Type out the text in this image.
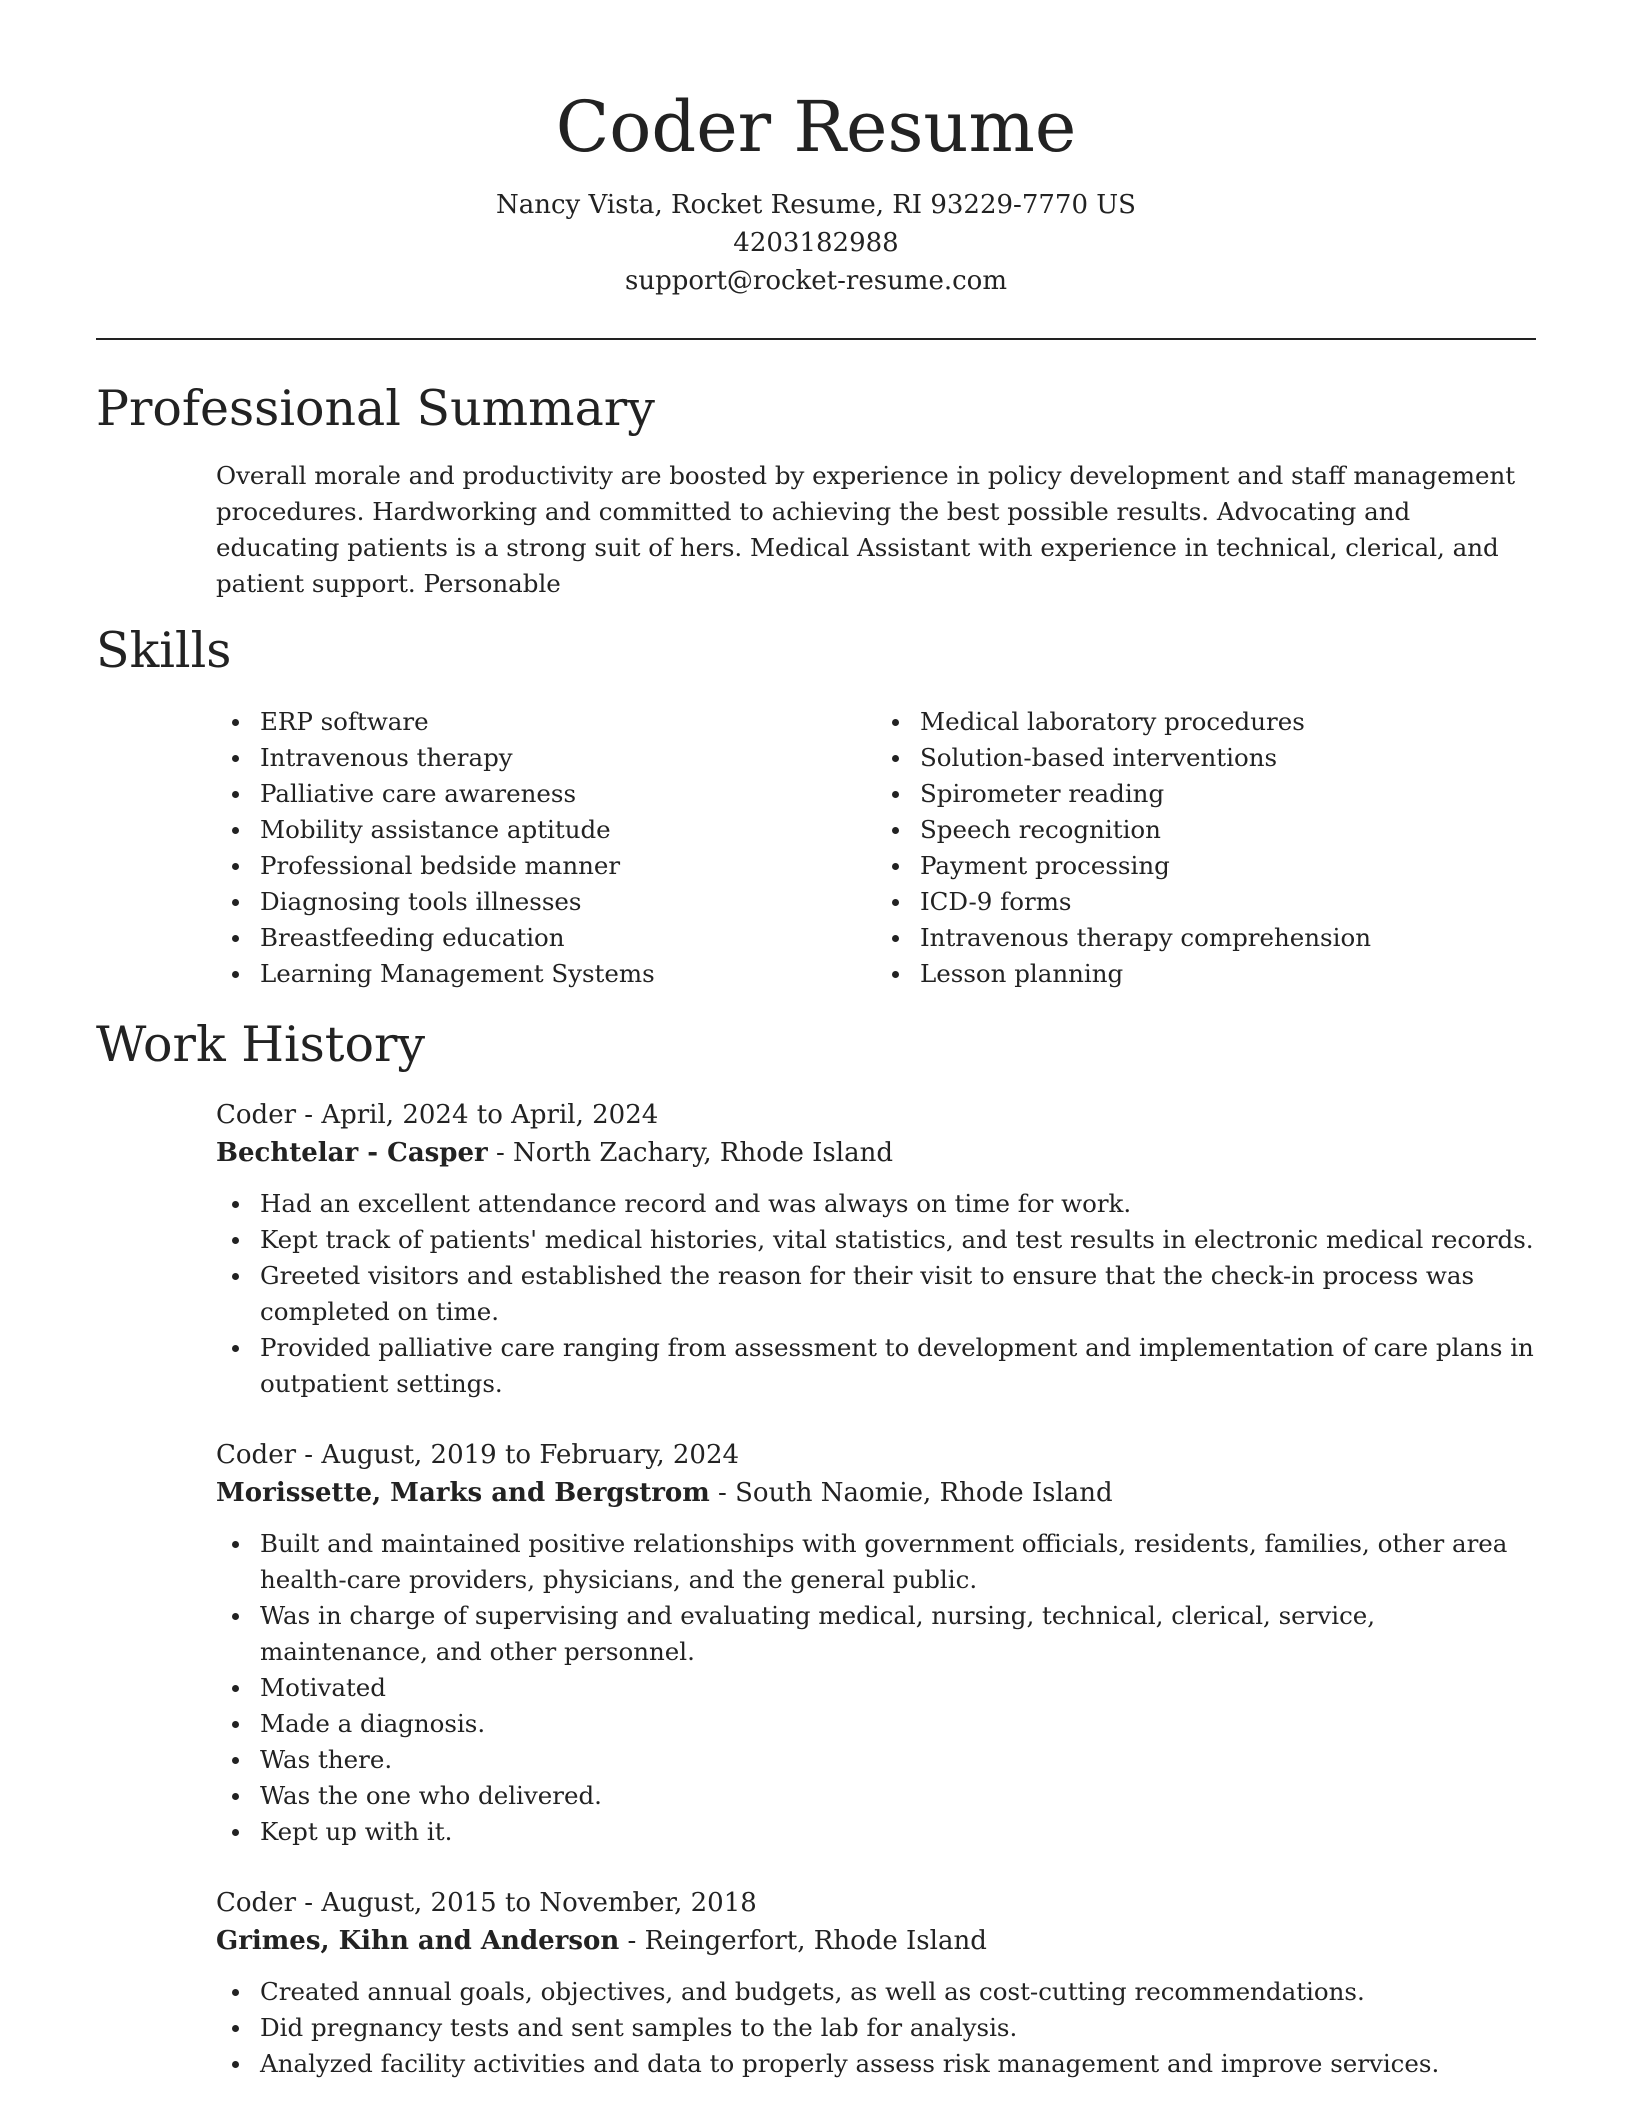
Coder Resume
Nancy Vista, Rocket Resume, RI 93229-7770 US
4203182988
support@rocket-resume.com
Professional Summary

Overall morale and productivity are boosted by experience in policy development and staff management procedures. Hardworking and committed to achieving the best possible results. Advocating and educating patients is a strong suit of hers. Medical Assistant with experience in technical, clerical, and patient support. Personable

Skills
ERP software
Intravenous therapy
Palliative care awareness
Mobility assistance aptitude
Professional bedside manner
Diagnosing tools illnesses
Breastfeeding education
Learning Management Systems
Medical laboratory procedures
Solution-based interventions
Spirometer reading
Speech recognition
Payment processing
ICD-9 forms
Intravenous therapy comprehension
Lesson planning
Work History
Coder - April, 2024 to April, 2024
Bechtelar - Casper - North Zachary, Rhode Island
Had an excellent attendance record and was always on time for work.
Kept track of patients' medical histories, vital statistics, and test results in electronic medical records.
Greeted visitors and established the reason for their visit to ensure that the check-in process was completed on time.
Provided palliative care ranging from assessment to development and implementation of care plans in outpatient settings.
Coder - August, 2019 to February, 2024
Morissette, Marks and Bergstrom - South Naomie, Rhode Island
Built and maintained positive relationships with government officials, residents, families, other area health-care providers, physicians, and the general public.
Was in charge of supervising and evaluating medical, nursing, technical, clerical, service, maintenance, and other personnel.
Motivated
Made a diagnosis.
Was there.
Was the one who delivered.
Kept up with it.
Coder - August, 2015 to November, 2018
Grimes, Kihn and Anderson - Reingerfort, Rhode Island
Created annual goals, objectives, and budgets, as well as cost-cutting recommendations.
Did pregnancy tests and sent samples to the lab for analysis.
Analyzed facility activities and data to properly assess risk management and improve services.
